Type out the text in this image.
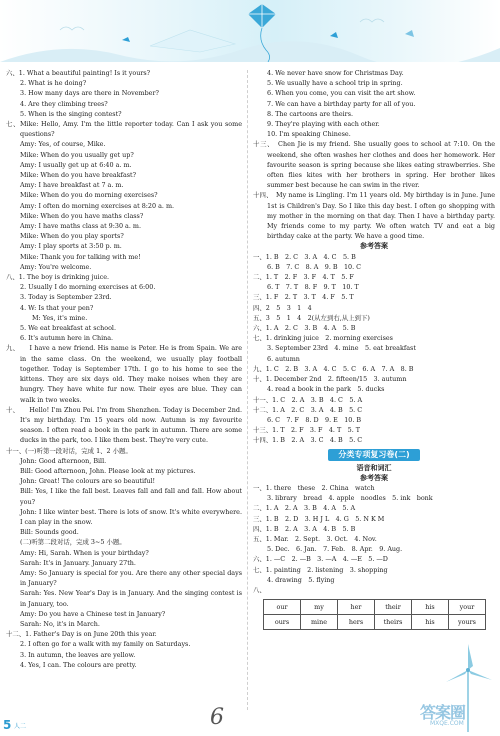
六、1. What a beautiful painting! Is it yours?

2. What is he doing?

3. How many days are there in November?

4. Are they climbing trees?

5. When is the singing contest?

七、Mike: Hello, Amy. I'm the little reporter today. Can I ask you some questions?

Amy: Yes, of course, Mike.

Mike: When do you usually get up?

Amy: I usually get up at 6:40 a. m.

Mike: When do you have breakfast?

Amy: I have breakfast at 7 a. m.

Mike: When do you do morning exercises?

Amy: I often do morning exercises at 8:20 a. m.

Mike: When do you have maths class?

Amy: I have maths class at 9:30 a. m.

Mike: When do you play sports?

Amy: I play sports at 3:50 p. m.

Mike: Thank you for talking with me!

Amy: You're welcome.

八、1. The boy is drinking juice.

2. Usually I do morning exercises at 6:00.

3. Today is September 23rd.

4. W: Is that your pen?

M: Yes, it's mine.

5. We eat breakfast at school.

6. It's autumn here in China.

九、　　I have a new friend. His name is Peter. He is from Spain. We are in the same class. On the weekend, we usually play football together. Today is September 17th. I go to his home to see the kittens. They are six days old. They make noises when they are hungry. They have white fur now. Their eyes are blue. They can walk in two weeks.

十、　　Hello! I'm Zhou Pei. I'm from Shenzhen. Today is December 2nd. It's my birthday. I'm 15 years old now. Autumn is my favourite season. I often read a book in the park in autumn. There are some ducks in the park, too. I like them best. They're very cute.

十一、(一)听第一段对话，完成 1、2 小题。

John: Good afternoon, Bill.

Bill: Good afternoon, John. Please look at my pictures.

John: Great! The colours are so beautiful!

Bill: Yes, I like the fall best. Leaves fall and fall and fall. How about you?

John: I like winter best. There is lots of snow. It's white everywhere. I can play in the snow.

Bill: Sounds good.

(二)听第二段对话，完成 3~5 小题。

Amy: Hi, Sarah. When is your birthday?

Sarah: It's in January. January 27th.

Amy: So January is special for you. Are there any other special days in January?

Sarah: Yes. New Year's Day is in January. And the singing contest is in January, too.

Amy: Do you have a Chinese test in January?

Sarah: No, it's in March.

十二、1. Father's Day is on June 20th this year.

2. I often go for a walk with my family on Saturdays.

3. In autumn, the leaves are yellow.

4. Yes, I can. The colours are pretty.

4. We never have snow for Christmas Day.

5. We usually have a school trip in spring.

6. When you come, you can visit the art show.

7. We can have a birthday party for all of you.

8. The cartoons are theirs.

9. They're playing with each other.

10. I'm speaking Chinese.

十三、　Chen Jie is my friend. She usually goes to school at 7:10. On the weekend, she often washes her clothes and does her homework. Her favourite season is spring because she likes eating strawberries. She often flies kites with her brothers in spring. Her brother likes summer best because he can swim in the river.

十四、　My name is Lingling. I'm 11 years old. My birthday is in June. June 1st is Children's Day. So I like this day best. I often go shopping with my mother in the morning on that day. Then I have a birthday party. My friends come to my party. We often watch TV and eat a big birthday cake at the party. We have a good time.

参考答案

一、1. B　2. C　3. A　4. C　5. B

6. B　7. C　8. A　9. B　10. C

二、1. T　2. F　3. F　4. T　5. F

6. T　7. T　8. F　9. T　10. T

三、1. F　2. T　3. T　4. F　5. T

四、2　5　3　1　4

五、3　5　1　4　2(从左到右,从上到下)

六、1. A　2. C　3. B　4. A　5. B

七、1. drinking juice　2. morning exercises

3. September 23rd　4. mine　5. eat breakfast

6. autumn

九、1. C　2. B　3. A　4. C　5. C　6. A　7. A　8. B

十、1. December 2nd　2. fifteen/15　3. autumn

4. read a book in the park　5. ducks

十一、1. C　2. A　3. B　4. C　5. A

十二、1. A　2. C　3. A　4. B　5. C

6. C　7. F　8. D　9. E　10. B

十三、1. T　2. F　3. F　4. T　5. T

十四、1. B　2. A　3. C　4. B　5. C

分类专项复习卷(二)
语音和词汇
参考答案

一、1. there　these　2. China　watch

3. library　bread　4. apple　noodles　5. ink　bonk

二、1. A　2. A　3. B　4. A　5. A

三、1. B　2. D　3. H J L　4. G　5. N K M

四、1. B　2. A　3. A　4. B　5. B

五、1. Mar.　2. Sept.　3. Oct.　4. Nov.

5. Dec.　6. Jan.　7. Feb.　8. Apr.　9. Aug.

六、1. —C　2. —B　3. —A　4. —E　5. —D

七、1. painting　2. listening　3. shopping

4. drawing　5. flying

八、

our	my	her	their	his	your
ours	mine	hers	theirs	his	yours
5 人二	6	答案圈
MXQE.COM
